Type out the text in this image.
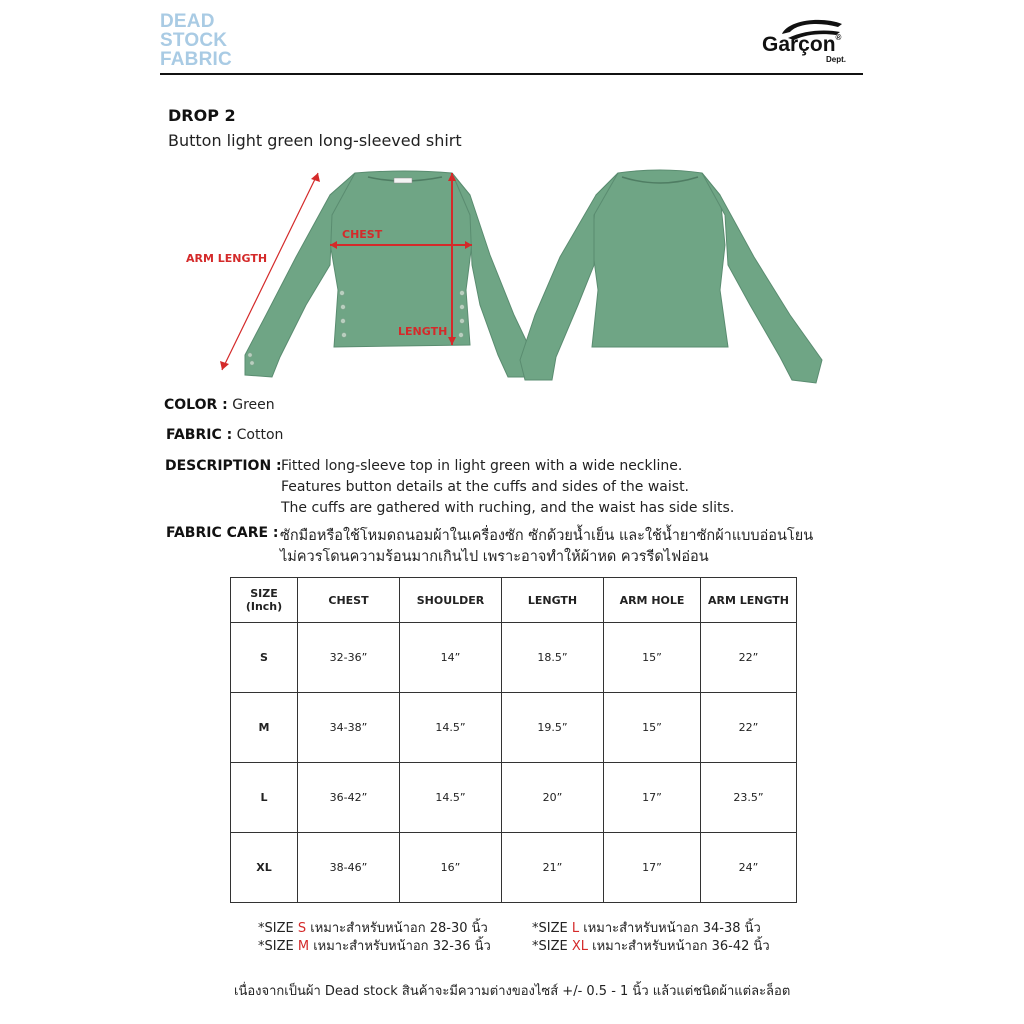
DEAD
STOCK
FABRIC
Garçon®
Dept.
DROP 2
Button light green long-sleeved shirt
CHEST
LENGTH
ARM LENGTH
COLOR : Green
FABRIC : Cotton
DESCRIPTION : Fitted long-sleeve top in light green with a wide neckline.
Features button details at the cuffs and sides of the waist.
The cuffs are gathered with ruching, and the waist has side slits.
FABRIC CARE : ซักมือหรือใช้โหมดถนอมผ้าในเครื่องซัก ซักด้วยน้ำเย็น และใช้น้ำยาซักผ้าแบบอ่อนโยน
ไม่ควรโดนความร้อนมากเกินไป เพราะอาจทำให้ผ้าหด ควรรีดไฟอ่อน
SIZE
(Inch)	CHEST	SHOULDER	LENGTH	ARM HOLE	ARM LENGTH
S	32-36”	14”	18.5”	15”	22”
M	34-38”	14.5”	19.5”	15”	22”
L	36-42”	14.5”	20”	17”	23.5”
XL	38-46”	16”	21”	17”	24”
*SIZE S เหมาะสำหรับหน้าอก 28-30 นิ้ว
*SIZE M เหมาะสำหรับหน้าอก 32-36 นิ้ว
*SIZE L เหมาะสำหรับหน้าอก 34-38 นิ้ว
*SIZE XL เหมาะสำหรับหน้าอก 36-42 นิ้ว
เนื่องจากเป็นผ้า Dead stock สินค้าจะมีความต่างของไซส์ +/- 0.5 - 1 นิ้ว แล้วแต่ชนิดผ้าแต่ละล็อต
